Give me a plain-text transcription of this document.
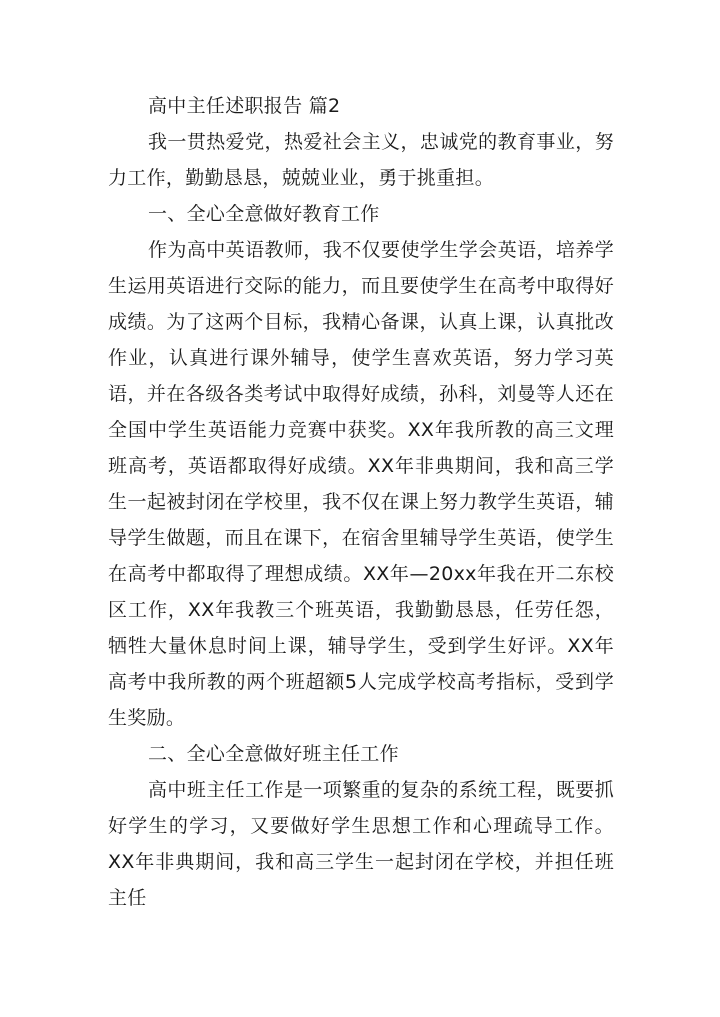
高中主任述职报告 篇2

我一贯热爱党，热爱社会主义，忠诚党的教育事业，努力工作，勤勤恳恳，兢兢业业，勇于挑重担。

一、全心全意做好教育工作

作为高中英语教师，我不仅要使学生学会英语，培养学生运用英语进行交际的能力，而且要使学生在高考中取得好成绩。为了这两个目标，我精心备课，认真上课，认真批改作业，认真进行课外辅导，使学生喜欢英语，努力学习英语，并在各级各类考试中取得好成绩，孙科，刘曼等人还在全国中学生英语能力竞赛中获奖。XX年我所教的高三文理班高考，英语都取得好成绩。XX年非典期间，我和高三学生一起被封闭在学校里，我不仅在课上努力教学生英语，辅导学生做题，而且在课下，在宿舍里辅导学生英语，使学生在高考中都取得了理想成绩。XX年—20xx年我在开二东校区工作，XX年我教三个班英语，我勤勤恳恳，任劳任怨，牺牲大量休息时间上课，辅导学生，受到学生好评。XX年高考中我所教的两个班超额5人完成学校高考指标，受到学生奖励。

二、全心全意做好班主任工作

高中班主任工作是一项繁重的复杂的系统工程，既要抓好学生的学习，又要做好学生思想工作和心理疏导工作。XX年非典期间，我和高三学生一起封闭在学校，并担任班主任
